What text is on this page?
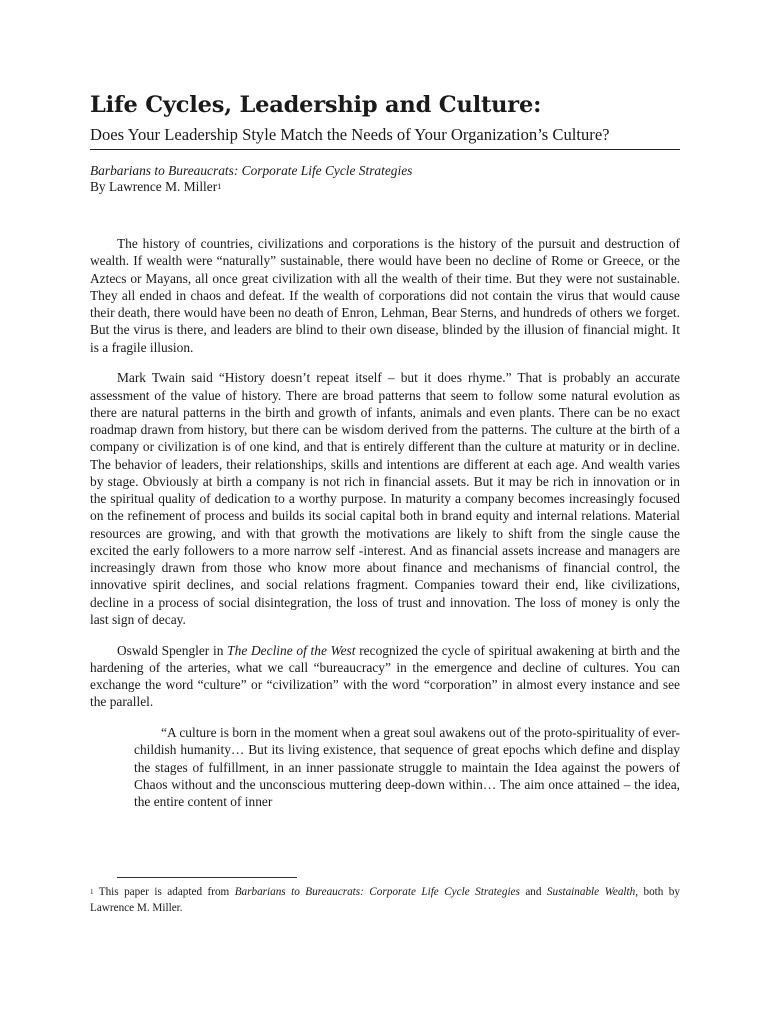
Life Cycles, Leadership and Culture:

Does Your Leadership Style Match the Needs of Your Organization’s Culture?

Barbarians to Bureaucrats: Corporate Life Cycle Strategies
By Lawrence M. Miller$^1$

The history of countries, civilizations and corporations is the history of the pursuit and destruction of wealth. If wealth were “naturally” sustainable, there would have been no decline of Rome or Greece, or the Aztecs or Mayans, all once great civilization with all the wealth of their time. But they were not sustainable. They all ended in chaos and defeat. If the wealth of corporations did not contain the virus that would cause their death, there would have been no death of Enron, Lehman, Bear Sterns, and hundreds of others we forget. But the virus is there, and leaders are blind to their own disease, blinded by the illusion of financial might. It is a fragile illusion.

Mark Twain said “History doesn’t repeat itself – but it does rhyme.” That is probably an accurate assessment of the value of history. There are broad patterns that seem to follow some natural evolution as there are natural patterns in the birth and growth of infants, animals and even plants. There can be no exact roadmap drawn from history, but there can be wisdom derived from the patterns. The culture at the birth of a company or civilization is of one kind, and that is entirely different than the culture at maturity or in decline. The behavior of leaders, their relationships, skills and intentions are different at each age. And wealth varies by stage. Obviously at birth a company is not rich in financial assets. But it may be rich in innovation or in the spiritual quality of dedication to a worthy purpose. In maturity a company becomes increasingly focused on the refinement of process and builds its social capital both in brand equity and internal relations. Material resources are growing, and with that growth the motivations are likely to shift from the single cause the excited the early followers to a more narrow self -interest. And as financial assets increase and managers are increasingly drawn from those who know more about finance and mechanisms of financial control, the innovative spirit declines, and social relations fragment. Companies toward their end, like civilizations, decline in a process of social disintegration, the loss of trust and innovation. The loss of money is only the last sign of decay.

Oswald Spengler in The Decline of the West recognized the cycle of spiritual awakening at birth and the hardening of the arteries, what we call “bureaucracy” in the emergence and decline of cultures. You can exchange the word “culture” or “civilization” with the word “corporation” in almost every instance and see the parallel.

“A culture is born in the moment when a great soul awakens out of the proto-spirituality of ever-childish humanity… But its living existence, that sequence of great epochs which define and display the stages of fulfillment, in an inner passionate struggle to maintain the Idea against the powers of Chaos without and the unconscious muttering deep-down within… The aim once attained – the idea, the entire content of inner

$^1$ This paper is adapted from Barbarians to Bureaucrats: Corporate Life Cycle Strategies and Sustainable Wealth, both by Lawrence M. Miller.
